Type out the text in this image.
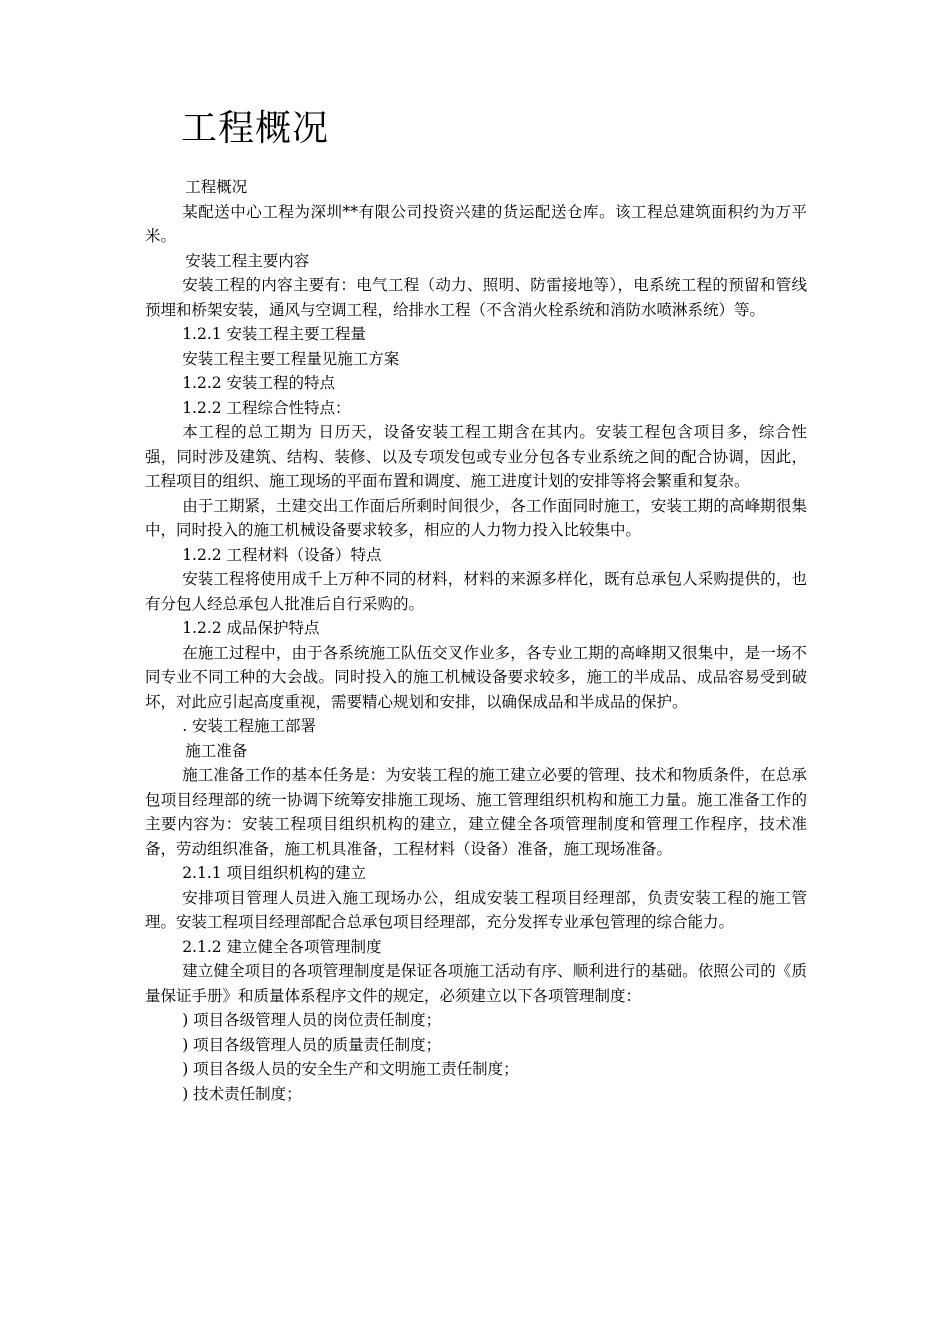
工程概况

工程概况

某配送中心工程为深圳**有限公司投资兴建的货运配送仓库。该工程总建筑面积约为万平米。

安装工程主要内容

安装工程的内容主要有：电气工程（动力、照明、防雷接地等），电系统工程的预留和管线预埋和桥架安装，通风与空调工程，给排水工程（不含消火栓系统和消防水喷淋系统）等。

1.2.1 安装工程主要工程量

安装工程主要工程量见施工方案

1.2.2 安装工程的特点

1.2.2 工程综合性特点：

本工程的总工期为 日历天，设备安装工程工期含在其内。安装工程包含项目多，综合性强，同时涉及建筑、结构、装修、以及专项发包或专业分包各专业系统之间的配合协调，因此，工程项目的组织、施工现场的平面布置和调度、施工进度计划的安排等将会繁重和复杂。

由于工期紧，土建交出工作面后所剩时间很少，各工作面同时施工，安装工期的高峰期很集中，同时投入的施工机械设备要求较多，相应的人力物力投入比较集中。

1.2.2 工程材料（设备）特点

安装工程将使用成千上万种不同的材料，材料的来源多样化，既有总承包人采购提供的，也有分包人经总承包人批准后自行采购的。

1.2.2 成品保护特点

在施工过程中，由于各系统施工队伍交叉作业多，各专业工期的高峰期又很集中，是一场不同专业不同工种的大会战。同时投入的施工机械设备要求较多，施工的半成品、成品容易受到破坏，对此应引起高度重视，需要精心规划和安排，以确保成品和半成品的保护。

. 安装工程施工部署

施工准备

施工准备工作的基本任务是：为安装工程的施工建立必要的管理、技术和物质条件，在总承包项目经理部的统一协调下统筹安排施工现场、施工管理组织机构和施工力量。施工准备工作的主要内容为：安装工程项目组织机构的建立，建立健全各项管理制度和管理工作程序，技术准备，劳动组织准备，施工机具准备，工程材料（设备）准备，施工现场准备。

2.1.1 项目组织机构的建立

安排项目管理人员进入施工现场办公，组成安装工程项目经理部，负责安装工程的施工管理。安装工程项目经理部配合总承包项目经理部，充分发挥专业承包管理的综合能力。

2.1.2 建立健全各项管理制度

建立健全项目的各项管理制度是保证各项施工活动有序、顺利进行的基础。依照公司的《质量保证手册》和质量体系程序文件的规定，必须建立以下各项管理制度：

) 项目各级管理人员的岗位责任制度；

) 项目各级管理人员的质量责任制度；

) 项目各级人员的安全生产和文明施工责任制度；

) 技术责任制度；
